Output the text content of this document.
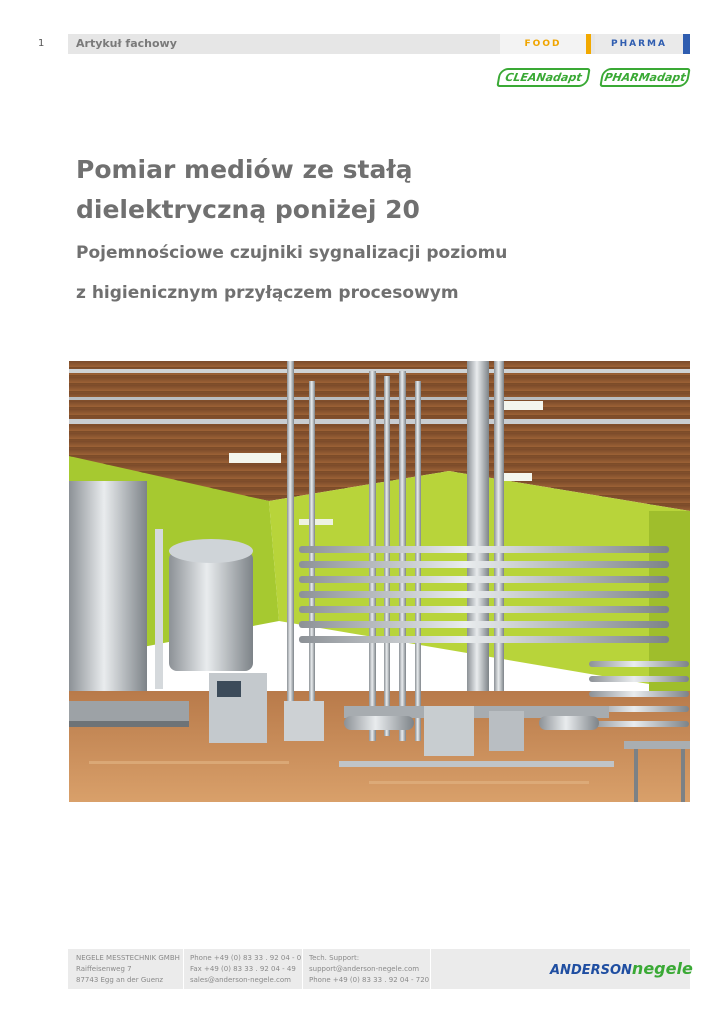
1	Artykuł fachowy	FOOD	PHARMA
CLEANadapt	PHARMadapt
Pomiar mediów ze stałą
dielektryczną poniżej 20
Pojemnościowe czujniki sygnalizacji poziomu
z higienicznym przyłączem procesowym
NEGELE MESSTECHNIK GMBH
Raiffeisenweg 7
87743 Egg an der Guenz
Phone +49 (0) 83 33 . 92 04 - 0
Fax +49 (0) 83 33 . 92 04 - 49
sales@anderson-negele.com
Tech. Support:
support@anderson-negele.com
Phone +49 (0) 83 33 . 92 04 - 720
ANDERSONnegele
